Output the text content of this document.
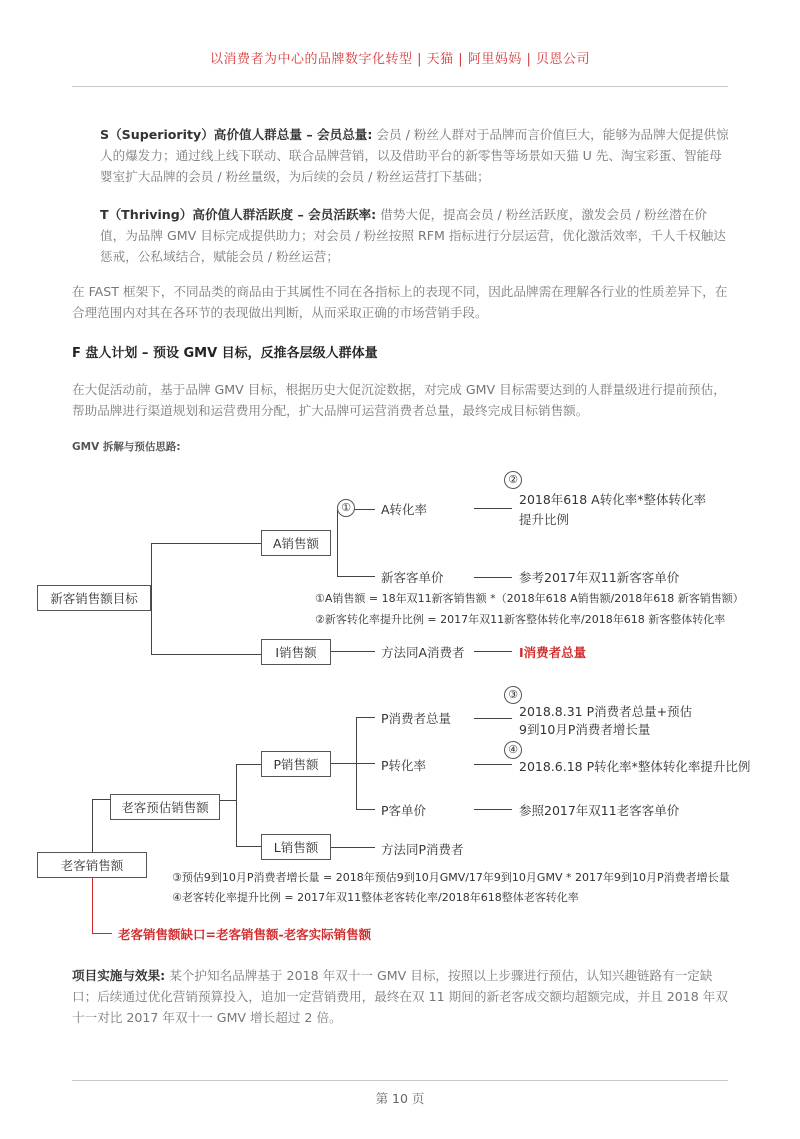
以消费者为中心的品牌数字化转型 | 天猫 | 阿里妈妈 | 贝恩公司
S（Superiority）高价值人群总量 – 会员总量: 会员 / 粉丝人群对于品牌而言价值巨大，能够为品牌大促提供惊人的爆发力；通过线上线下联动、联合品牌营销，以及借助平台的新零售等场景如天猫 U 先、淘宝彩蛋、智能母婴室扩大品牌的会员 / 粉丝量级，为后续的会员 / 粉丝运营打下基础；
T（Thriving）高价值人群活跃度 – 会员活跃率: 借势大促，提高会员 / 粉丝活跃度，激发会员 / 粉丝潜在价值，为品牌 GMV 目标完成提供助力；对会员 / 粉丝按照 RFM 指标进行分层运营，优化激活效率，千人千权触达惩戒，公私域结合，赋能会员 / 粉丝运营；
在 FAST 框架下，不同品类的商品由于其属性不同在各指标上的表现不同，因此品牌需在理解各行业的性质差异下，在合理范围内对其在各环节的表现做出判断，从而采取正确的市场营销手段。
F 盘人计划 – 预设 GMV 目标，反推各层级人群体量
在大促活动前，基于品牌 GMV 目标，根据历史大促沉淀数据，对完成 GMV 目标需要达到的人群量级进行提前预估，帮助品牌进行渠道规划和运营费用分配，扩大品牌可运营消费者总量，最终完成目标销售额。
GMV 拆解与预估思路:
新客销售额目标
A销售额
I销售额
①	A转化率
②
2018年618 A转化率*整体转化率
提升比例
新客客单价	参考2017年双11新客客单价
①A销售额 = 18年双11新客销售额 *（2018年618 A销售额/2018年618 新客销售额）
②新客转化率提升比例 = 2017年双11新客整体转化率/2018年618 新客整体转化率
方法同A消费者	I消费者总量
老客销售额
老客预估销售额
P销售额
L销售额
P消费者总量
③
2018.8.31 P消费者总量+预估
9到10月P消费者增长量
P转化率
④
2018.6.18 P转化率*整体转化率提升比例
P客单价	参照2017年双11老客客单价
方法同P消费者
③预估9到10月P消费者增长量 = 2018年预估9到10月GMV/17年9到10月GMV * 2017年9到10月P消费者增长量
④老客转化率提升比例 = 2017年双11整体老客转化率/2018年618整体老客转化率
老客销售额缺口=老客销售额-老客实际销售额
项目实施与效果: 某个护知名品牌基于 2018 年双十一 GMV 目标，按照以上步骤进行预估，认知兴趣链路有一定缺口；后续通过优化营销预算投入，追加一定营销费用，最终在双 11 期间的新老客成交额均超额完成，并且 2018 年双十一对比 2017 年双十一 GMV 增长超过 2 倍。
第 10 页
